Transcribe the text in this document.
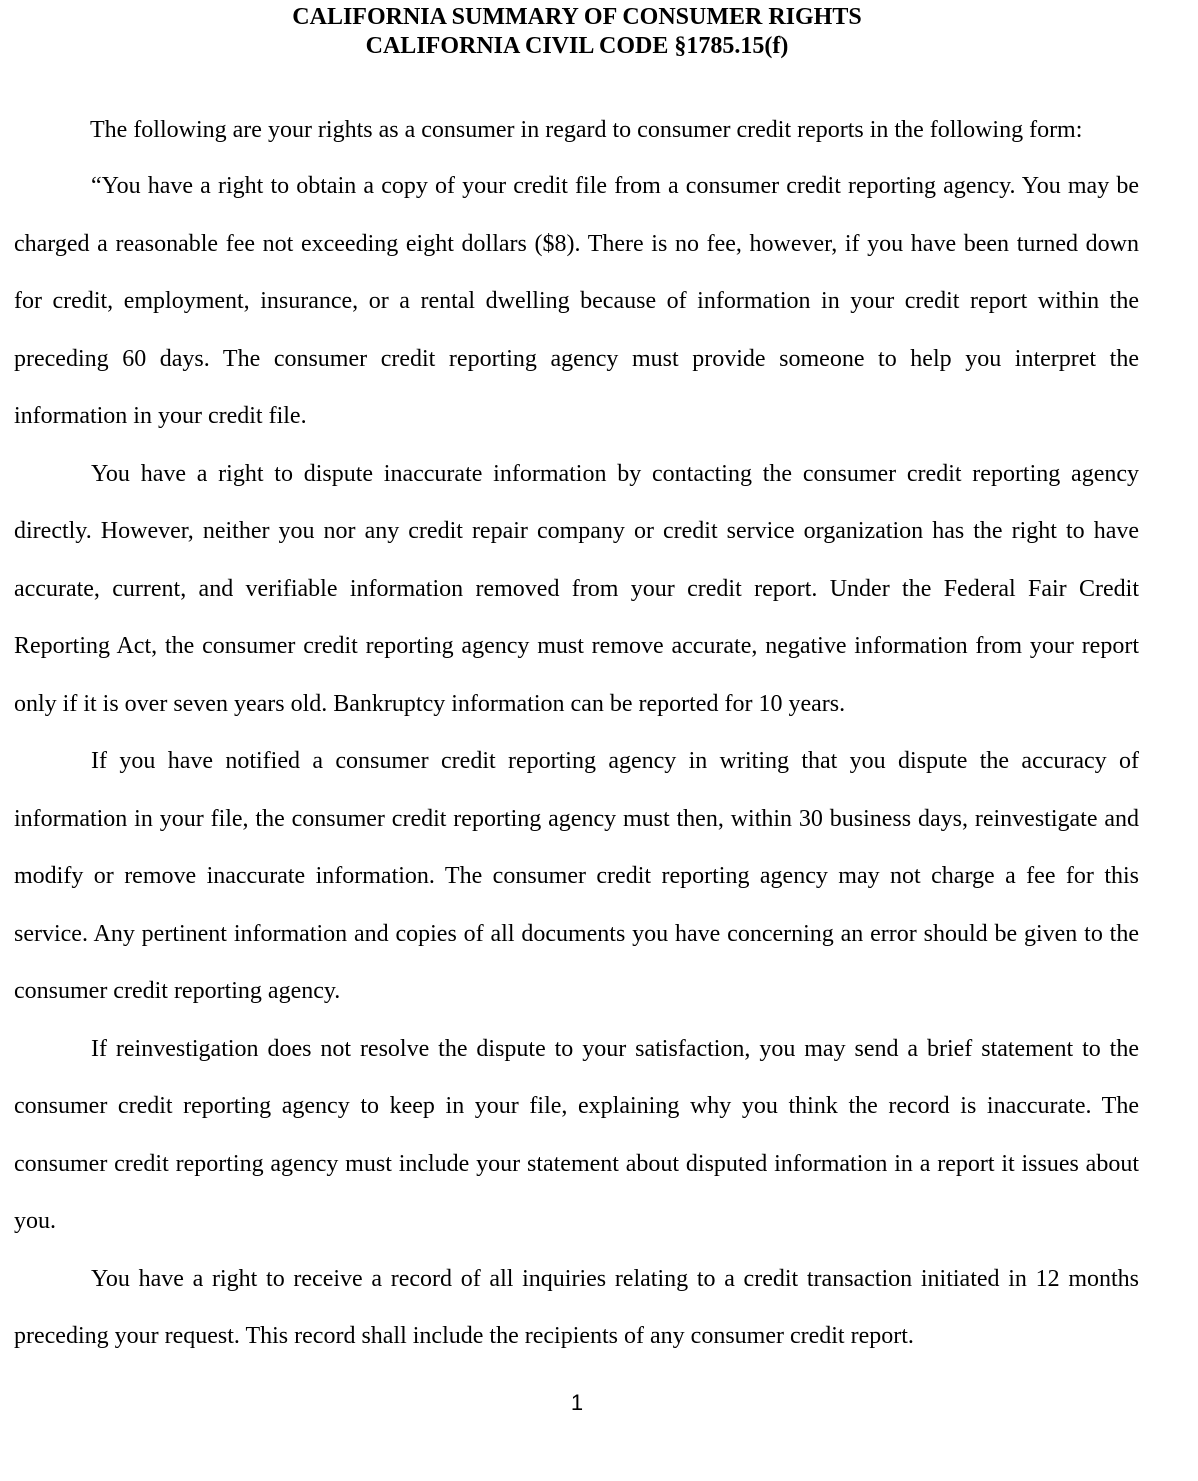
CALIFORNIA SUMMARY OF CONSUMER RIGHTS
CALIFORNIA CIVIL CODE §1785.15(f)
The following are your rights as a consumer in regard to consumer credit reports in the following form:

“You have a right to obtain a copy of your credit file from a consumer credit reporting agency. You may be charged a reasonable fee not exceeding eight dollars ($8). There is no fee, however, if you have been turned down for credit, employment, insurance, or a rental dwelling because of information in your credit report within the preceding 60 days. The consumer credit reporting agency must provide someone to help you interpret the information in your credit file.

You have a right to dispute inaccurate information by contacting the consumer credit reporting agency directly. However, neither you nor any credit repair company or credit service organization has the right to have accurate, current, and verifiable information removed from your credit report. Under the Federal Fair Credit Reporting Act, the consumer credit reporting agency must remove accurate, negative information from your report only if it is over seven years old. Bankruptcy information can be reported for 10 years.

If you have notified a consumer credit reporting agency in writing that you dispute the accuracy of information in your file, the consumer credit reporting agency must then, within 30 business days, reinvestigate and modify or remove inaccurate information. The consumer credit reporting agency may not charge a fee for this service. Any pertinent information and copies of all documents you have concerning an error should be given to the consumer credit reporting agency.

If reinvestigation does not resolve the dispute to your satisfaction, you may send a brief statement to the consumer credit reporting agency to keep in your file, explaining why you think the record is inaccurate. The consumer credit reporting agency must include your statement about disputed information in a report it issues about you.

You have a right to receive a record of all inquiries relating to a credit transaction initiated in 12 months preceding your request. This record shall include the recipients of any consumer credit report.

1
